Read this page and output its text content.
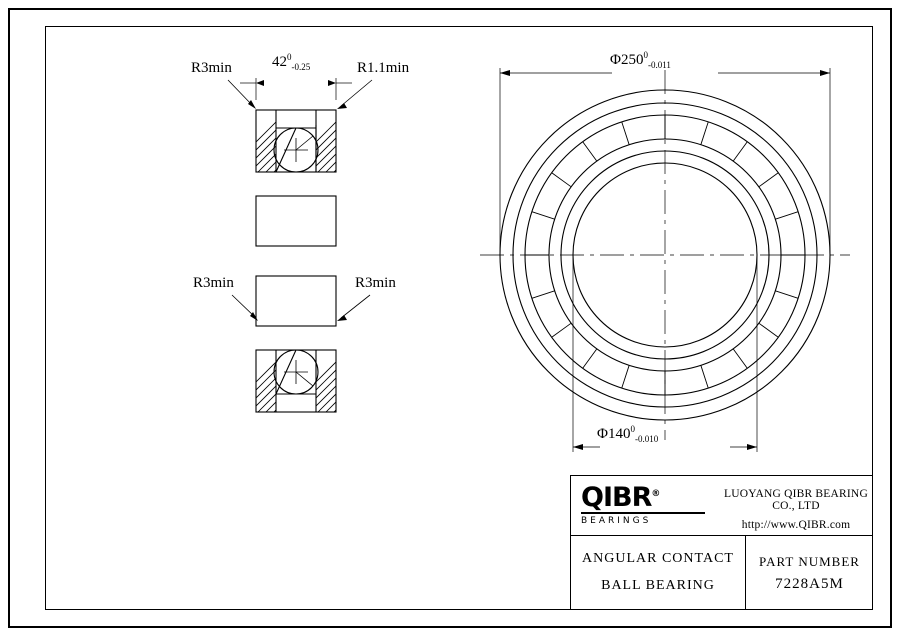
R3min	R1.1min
R3min	R3min
$42^0_{-0.25}$	$\Phi 250^0_{-0.011}$
$\Phi 140^0_{-0.010}$
QIBR®
BEARINGS
LUOYANG QIBR BEARING CO., LTD
http://www.QIBR.com
ANGULAR CONTACT
BALL BEARING
PART NUMBER
7228A5M
